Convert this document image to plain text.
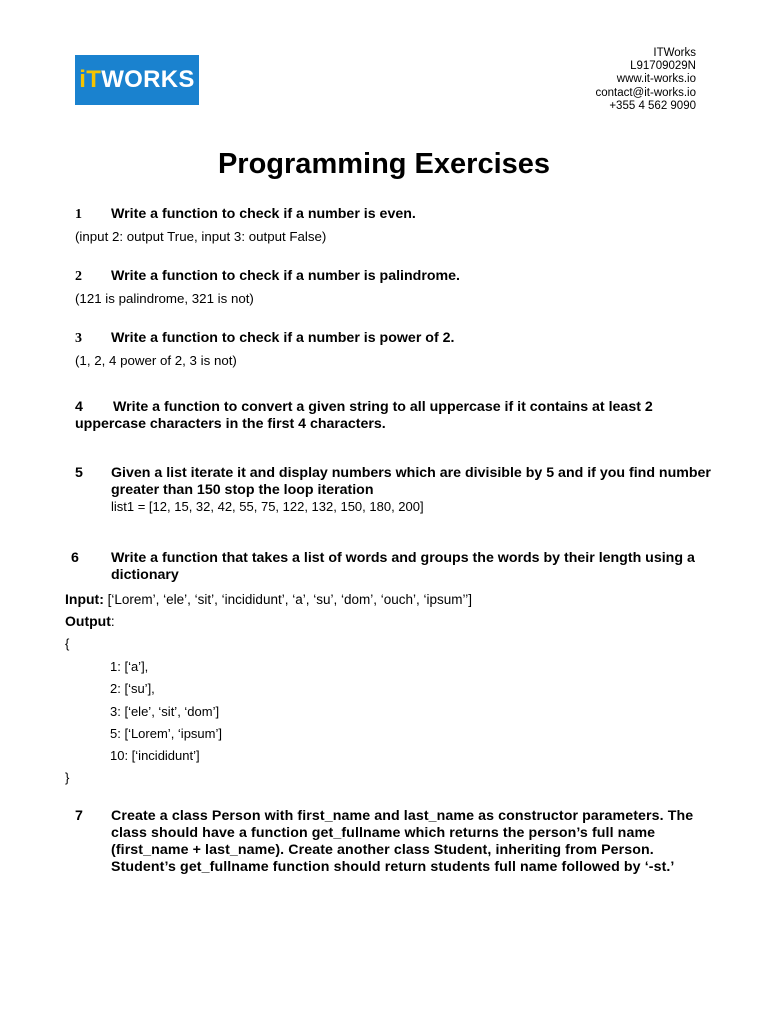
iTWORKS
ITWorks
L91709029N
www.it-works.io
contact@it-works.io
+355 4 562 9090
Programming Exercises
1	Write a function to check if a number is even.
(input 2: output True, input 3: output False)
2	Write a function to check if a number is palindrome.
(121 is palindrome, 321 is not)
3	Write a function to check if a number is power of 2.
(1, 2, 4 power of 2, 3 is not)
4 Write a function to convert a given string to all uppercase if it contains at least 2 uppercase characters in the first 4 characters.
5	Given a list iterate it and display numbers which are divisible by 5 and if you find number greater than 150 stop the loop iteration
list1 = [12, 15, 32, 42, 55, 75, 122, 132, 150, 180, 200]
6	Write a function that takes a list of words and groups the words by their length using a dictionary
Input: [‘Lorem’, ‘ele’, ‘sit’, ‘incididunt’, ‘a’, ‘su’, ‘dom’, ‘ouch’, ‘ipsum’’]
Output:
{
1: [‘a’],
2: [‘su’],
3: [‘ele’, ‘sit’, ‘dom’]
5: [‘Lorem’, ‘ipsum’]
10: [‘incididunt’]
}
7	Create a class Person with first_name and last_name as constructor parameters. The class should have a function get_fullname which returns the person’s full name (first_name + last_name). Create another class Student, inheriting from Person. Student’s get_fullname function should return students full name followed by ‘-st.’
